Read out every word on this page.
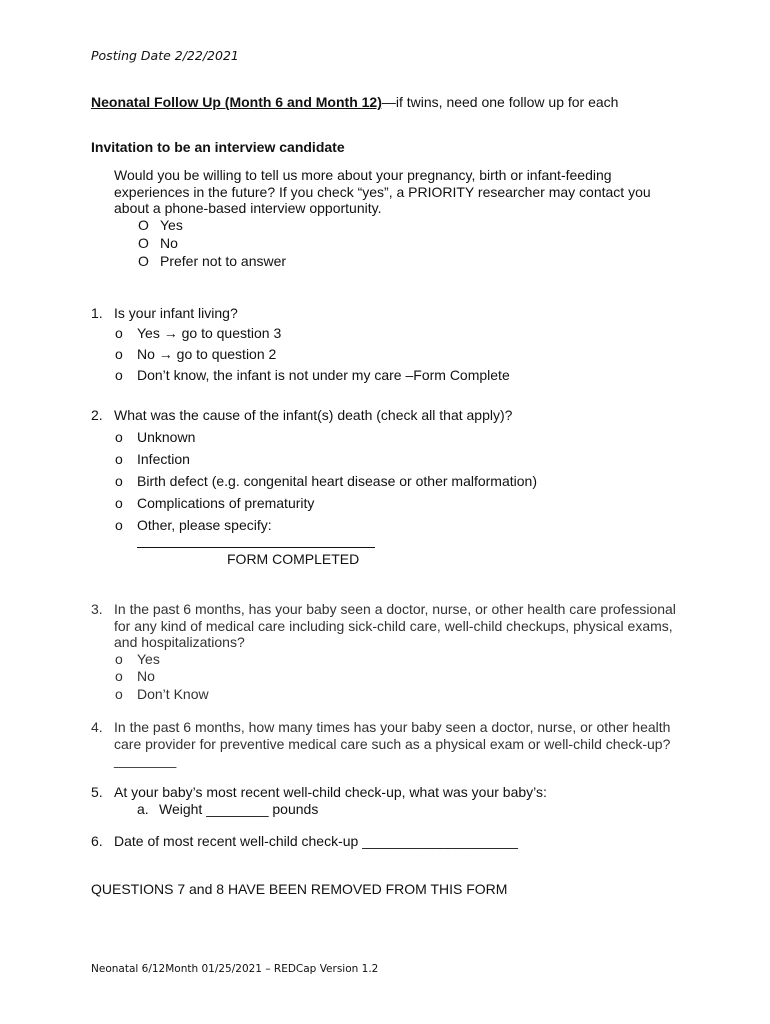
Posting Date 2/22/2021
Neonatal Follow Up (Month 6 and Month 12)—if twins, need one follow up for each
Invitation to be an interview candidate
Would you be willing to tell us more about your pregnancy, birth or infant-feeding experiences in the future? If you check “yes”, a PRIORITY researcher may contact you about a phone-based interview opportunity.
O Yes
O No
O Prefer not to answer
1. Is your infant living?
o Yes → go to question 3
o No → go to question 2
o Don’t know, the infant is not under my care –Form Complete
2. What was the cause of the infant(s) death (check all that apply)?
o Unknown
o Infection
o Birth defect (e.g. congenital heart disease or other malformation)
o Complications of prematurity
o Other, please specify:
FORM COMPLETED
3. In the past 6 months, has your baby seen a doctor, nurse, or other health care professional for any kind of medical care including sick-child care, well-child checkups, physical exams, and hospitalizations?
o Yes
o No
o Don’t Know
4. In the past 6 months, how many times has your baby seen a doctor, nurse, or other health care provider for preventive medical care such as a physical exam or well-child check-up?________
5. At your baby’s most recent well-child check-up, what was your baby’s:
a. Weight ________ pounds
6. Date of most recent well-child check-up ____________________
QUESTIONS 7 and 8 HAVE BEEN REMOVED FROM THIS FORM
Neonatal 6/12Month 01/25/2021 – REDCap Version 1.2
